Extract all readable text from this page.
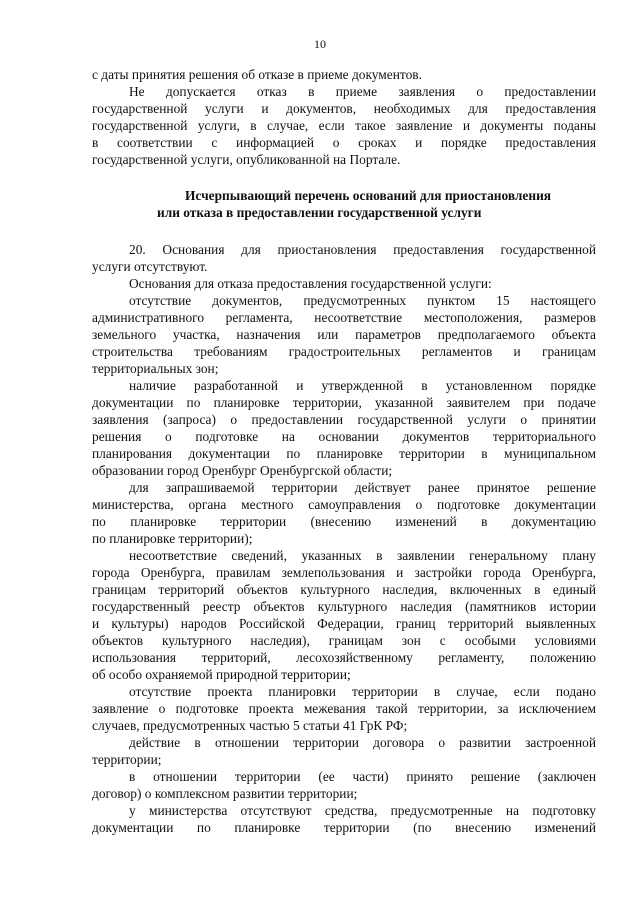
10
с даты принятия решения об отказе в приеме документов.
Не допускается отказ в приеме заявления о предоставлении
государственной услуги и документов, необходимых для предоставления
государственной услуги, в случае, если такое заявление и документы поданы
в соответствии с информацией о сроках и порядке предоставления
государственной услуги, опубликованной на Портале.
Исчерпывающий перечень оснований для приостановления
или отказа в предоставлении государственной услуги
20. Основания для приостановления предоставления государственной
услуги отсутствуют.
Основания для отказа предоставления государственной услуги:
отсутствие документов, предусмотренных пунктом 15 настоящего
административного регламента, несоответствие местоположения, размеров
земельного участка, назначения или параметров предполагаемого объекта
строительства требованиям градостроительных регламентов и границам
территориальных зон;
наличие разработанной и утвержденной в установленном порядке
документации по планировке территории, указанной заявителем при подаче
заявления (запроса) о предоставлении государственной услуги о принятии
решения о подготовке на основании документов территориального
планирования документации по планировке территории в муниципальном
образовании город Оренбург Оренбургской области;
для запрашиваемой территории действует ранее принятое решение
министерства, органа местного самоуправления о подготовке документации
по планировке территории (внесению изменений в документацию
по планировке территории);
несоответствие сведений, указанных в заявлении генеральному плану
города Оренбурга, правилам землепользования и застройки города Оренбурга,
границам территорий объектов культурного наследия, включенных в единый
государственный реестр объектов культурного наследия (памятников истории
и культуры) народов Российской Федерации, границ территорий выявленных
объектов культурного наследия), границам зон с особыми условиями
использования территорий, лесохозяйственному регламенту, положению
об особо охраняемой природной территории;
отсутствие проекта планировки территории в случае, если подано
заявление о подготовке проекта межевания такой территории, за исключением
случаев, предусмотренных частью 5 статьи 41 ГрК РФ;
действие в отношении территории договора о развитии застроенной
территории;
в отношении территории (ее части) принято решение (заключен
договор) о комплексном развитии территории;
у министерства отсутствуют средства, предусмотренные на подготовку
документации по планировке территории (по внесению изменений
